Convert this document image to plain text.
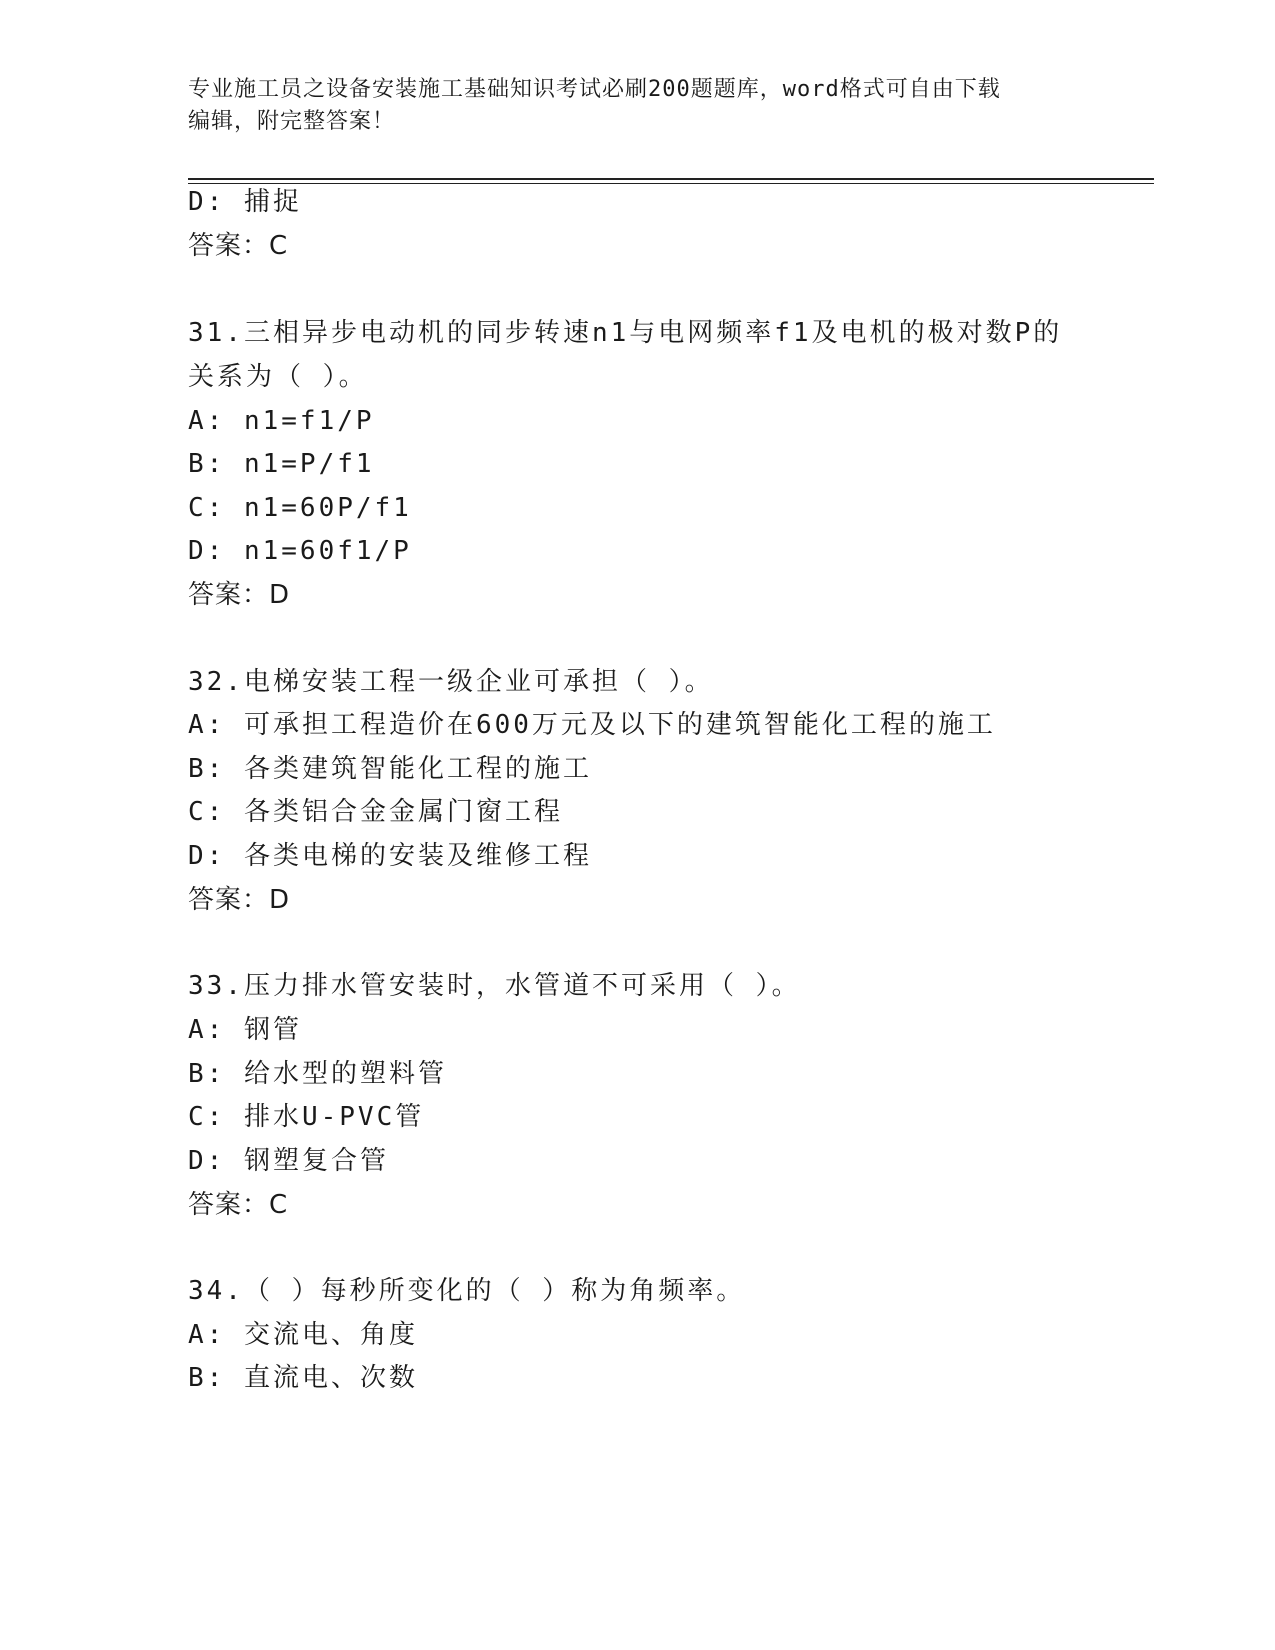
专业施工员之设备安装施工基础知识考试必刷200题题库，word格式可自由下载
编辑，附完整答案！
D: 捕捉
答案：C
31.三相异步电动机的同步转速n1与电网频率f1及电机的极对数P的
关系为（ ）。
A: n1=f1/P
B: n1=P/f1
C: n1=60P/f1
D: n1=60f1/P
答案：D
32.电梯安装工程一级企业可承担（ ）。
A: 可承担工程造价在600万元及以下的建筑智能化工程的施工
B: 各类建筑智能化工程的施工
C: 各类铝合金金属门窗工程
D: 各类电梯的安装及维修工程
答案：D
33.压力排水管安装时，水管道不可采用（ ）。
A: 钢管
B: 给水型的塑料管
C: 排水U-PVC管
D: 钢塑复合管
答案：C
34.（ ）每秒所变化的（ ）称为角频率。
A: 交流电、角度
B: 直流电、次数
